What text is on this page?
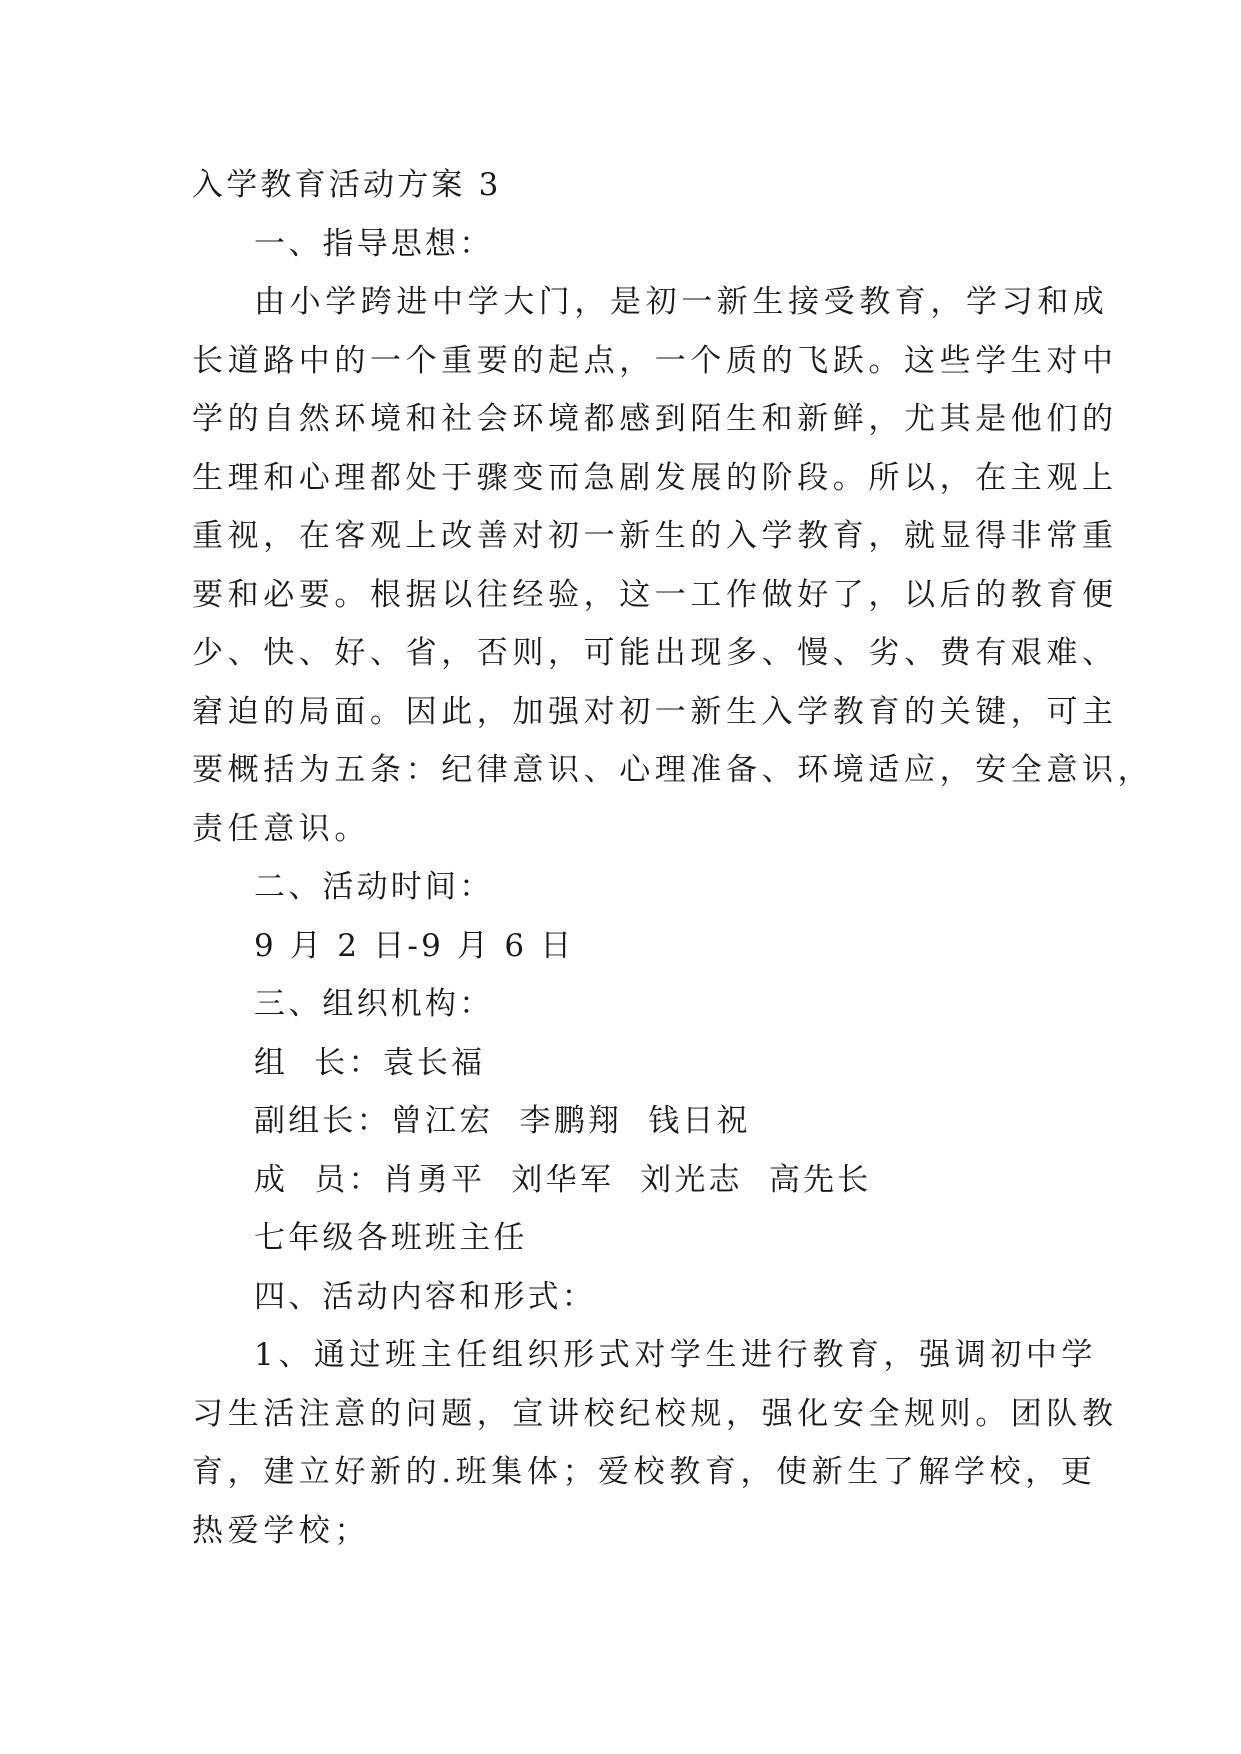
入学教育活动方案 3
一、指导思想：
由小学跨进中学大门，是初一新生接受教育，学习和成
长道路中的一个重要的起点，一个质的飞跃。这些学生对中
学的自然环境和社会环境都感到陌生和新鲜，尤其是他们的
生理和心理都处于骤变而急剧发展的阶段。所以，在主观上
重视，在客观上改善对初一新生的入学教育，就显得非常重
要和必要。根据以往经验，这一工作做好了，以后的教育便
少、快、好、省，否则，可能出现多、慢、劣、费有艰难、
窘迫的局面。因此，加强对初一新生入学教育的关键，可主
要概括为五条：纪律意识、心理准备、环境适应，安全意识，
责任意识。
二、活动时间：
9 月 2 日-9 月 6 日
三、组织机构：
组  长：袁长福
副组长：曾江宏  李鹏翔  钱日祝
成  员：肖勇平  刘华军  刘光志  高先长
七年级各班班主任
四、活动内容和形式：
1、通过班主任组织形式对学生进行教育，强调初中学
习生活注意的问题，宣讲校纪校规，强化安全规则。团队教
育，建立好新的.班集体；爱校教育，使新生了解学校，更
热爱学校；
